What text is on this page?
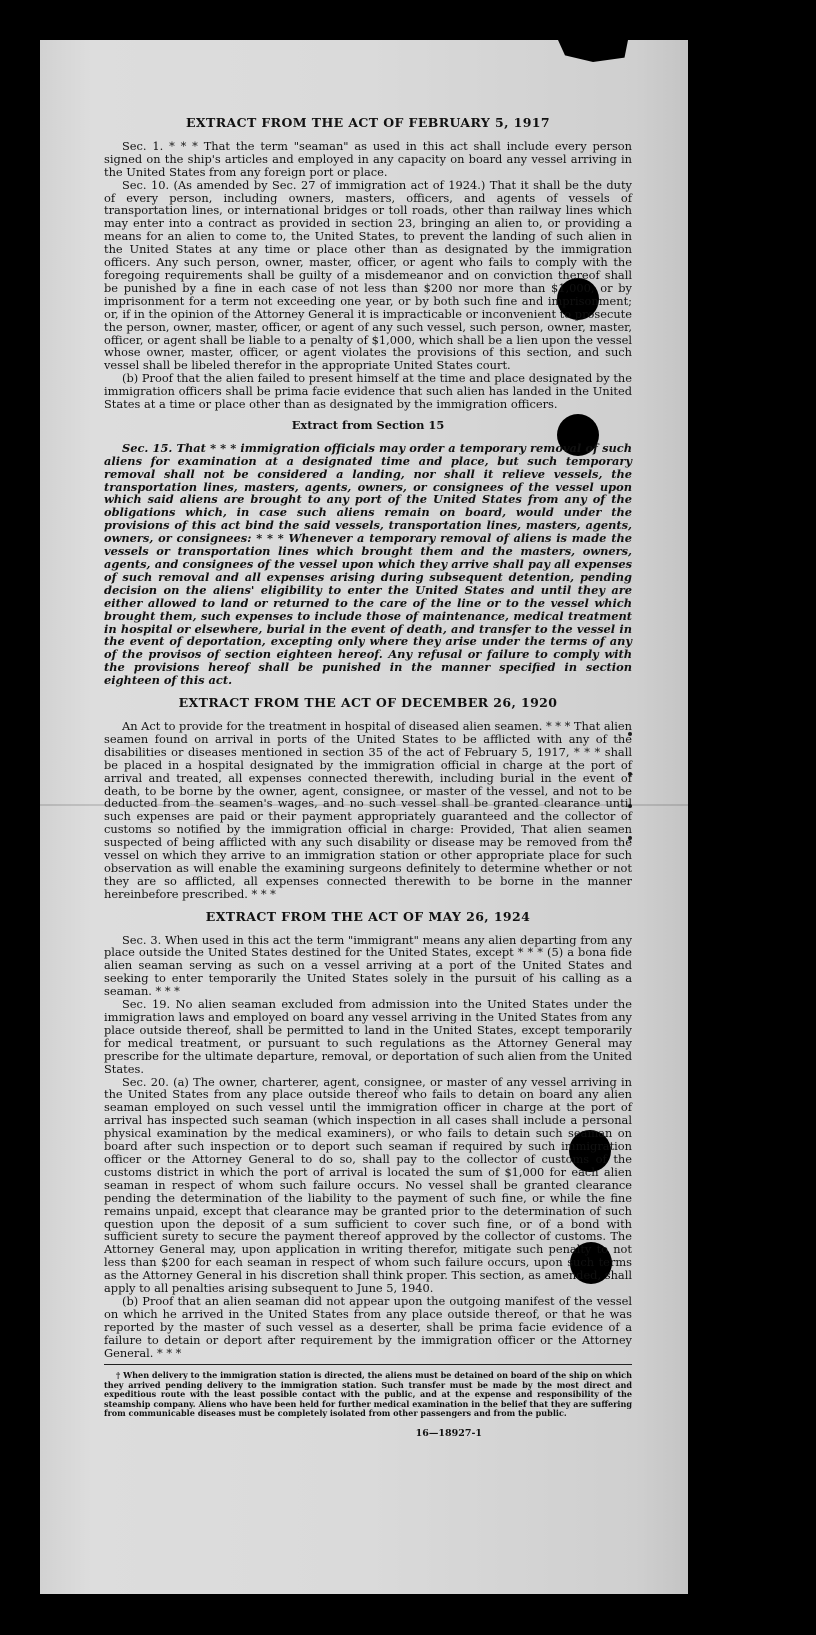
EXTRACT FROM THE ACT OF FEBRUARY 5, 1917

Sec. 1. * * * That the term "seaman" as used in this act shall include every person signed on the ship's articles and employed in any capacity on board any vessel arriving in the United States from any foreign port or place.

Sec. 10. (As amended by Sec. 27 of immigration act of 1924.) That it shall be the duty of every person, including owners, masters, officers, and agents of vessels of transportation lines, or international bridges or toll roads, other than railway lines which may enter into a contract as provided in section 23, bringing an alien to, or providing a means for an alien to come to, the United States, to prevent the landing of such alien in the United States at any time or place other than as designated by the immigration officers. Any such person, owner, master, officer, or agent who fails to comply with the foregoing requirements shall be guilty of a misdemeanor and on conviction thereof shall be punished by a fine in each case of not less than $200 nor more than $1,000, or by imprisonment for a term not exceeding one year, or by both such fine and imprisonment; or, if in the opinion of the Attorney General it is impracticable or inconvenient to prosecute the person, owner, master, officer, or agent of any such vessel, such person, owner, master, officer, or agent shall be liable to a penalty of $1,000, which shall be a lien upon the vessel whose owner, master, officer, or agent violates the provisions of this section, and such vessel shall be libeled therefor in the appropriate United States court.

(b) Proof that the alien failed to present himself at the time and place designated by the immigration officers shall be prima facie evidence that such alien has landed in the United States at a time or place other than as designated by the immigration officers.

Extract from Section 15

Sec. 15. That * * * immigration officials may order a temporary removal of such aliens for examination at a designated time and place, but such temporary removal shall not be considered a landing, nor shall it relieve vessels, the transportation lines, masters, agents, owners, or consignees of the vessel upon which said aliens are brought to any port of the United States from any of the obligations which, in case such aliens remain on board, would under the provisions of this act bind the said vessels, transportation lines, masters, agents, owners, or consignees: * * * Whenever a temporary removal of aliens is made the vessels or transportation lines which brought them and the masters, owners, agents, and consignees of the vessel upon which they arrive shall pay all expenses of such removal and all expenses arising during subsequent detention, pending decision on the aliens' eligibility to enter the United States and until they are either allowed to land or returned to the care of the line or to the vessel which brought them, such expenses to include those of maintenance, medical treatment in hospital or elsewhere, burial in the event of death, and transfer to the vessel in the event of deportation, excepting only where they arise under the terms of any of the provisos of section eighteen hereof. Any refusal or failure to comply with the provisions hereof shall be punished in the manner specified in section eighteen of this act.

EXTRACT FROM THE ACT OF DECEMBER 26, 1920

An Act to provide for the treatment in hospital of diseased alien seamen. * * * That alien seamen found on arrival in ports of the United States to be afflicted with any of the disabilities or diseases mentioned in section 35 of the act of February 5, 1917, * * * shall be placed in a hospital designated by the immigration official in charge at the port of arrival and treated, all expenses connected therewith, including burial in the event of death, to be borne by the owner, agent, consignee, or master of the vessel, and not to be deducted from the seamen's wages, and no such vessel shall be granted clearance until such expenses are paid or their payment appropriately guaranteed and the collector of customs so notified by the immigration official in charge: Provided, That alien seamen suspected of being afflicted with any such disability or disease may be removed from the vessel on which they arrive to an immigration station or other appropriate place for such observation as will enable the examining surgeons definitely to determine whether or not they are so afflicted, all expenses connected therewith to be borne in the manner hereinbefore prescribed. * * *

EXTRACT FROM THE ACT OF MAY 26, 1924

Sec. 3. When used in this act the term "immigrant" means any alien departing from any place outside the United States destined for the United States, except * * * (5) a bona fide alien seaman serving as such on a vessel arriving at a port of the United States and seeking to enter temporarily the United States solely in the pursuit of his calling as a seaman. * * *

Sec. 19. No alien seaman excluded from admission into the United States under the immigration laws and employed on board any vessel arriving in the United States from any place outside thereof, shall be permitted to land in the United States, except temporarily for medical treatment, or pursuant to such regulations as the Attorney General may prescribe for the ultimate departure, removal, or deportation of such alien from the United States.

Sec. 20. (a) The owner, charterer, agent, consignee, or master of any vessel arriving in the United States from any place outside thereof who fails to detain on board any alien seaman employed on such vessel until the immigration officer in charge at the port of arrival has inspected such seaman (which inspection in all cases shall include a personal physical examination by the medical examiners), or who fails to detain such seaman on board after such inspection or to deport such seaman if required by such immigration officer or the Attorney General to do so, shall pay to the collector of customs of the customs district in which the port of arrival is located the sum of $1,000 for each alien seaman in respect of whom such failure occurs. No vessel shall be granted clearance pending the determination of the liability to the payment of such fine, or while the fine remains unpaid, except that clearance may be granted prior to the determination of such question upon the deposit of a sum sufficient to cover such fine, or of a bond with sufficient surety to secure the payment thereof approved by the collector of customs. The Attorney General may, upon application in writing therefor, mitigate such penalty to not less than $200 for each seaman in respect of whom such failure occurs, upon such terms as the Attorney General in his discretion shall think proper. This section, as amended, shall apply to all penalties arising subsequent to June 5, 1940.

(b) Proof that an alien seaman did not appear upon the outgoing manifest of the vessel on which he arrived in the United States from any place outside thereof, or that he was reported by the master of such vessel as a deserter, shall be prima facie evidence of a failure to detain or deport after requirement by the immigration officer or the Attorney General. * * *

† When delivery to the immigration station is directed, the aliens must be detained on board of the ship on which they arrived pending delivery to the immigration station. Such transfer must be made by the most direct and expeditious route with the least possible contact with the public, and at the expense and responsibility of the steamship company. Aliens who have been held for further medical examination in the belief that they are suffering from communicable diseases must be completely isolated from other passengers and from the public.

16—18927-1
